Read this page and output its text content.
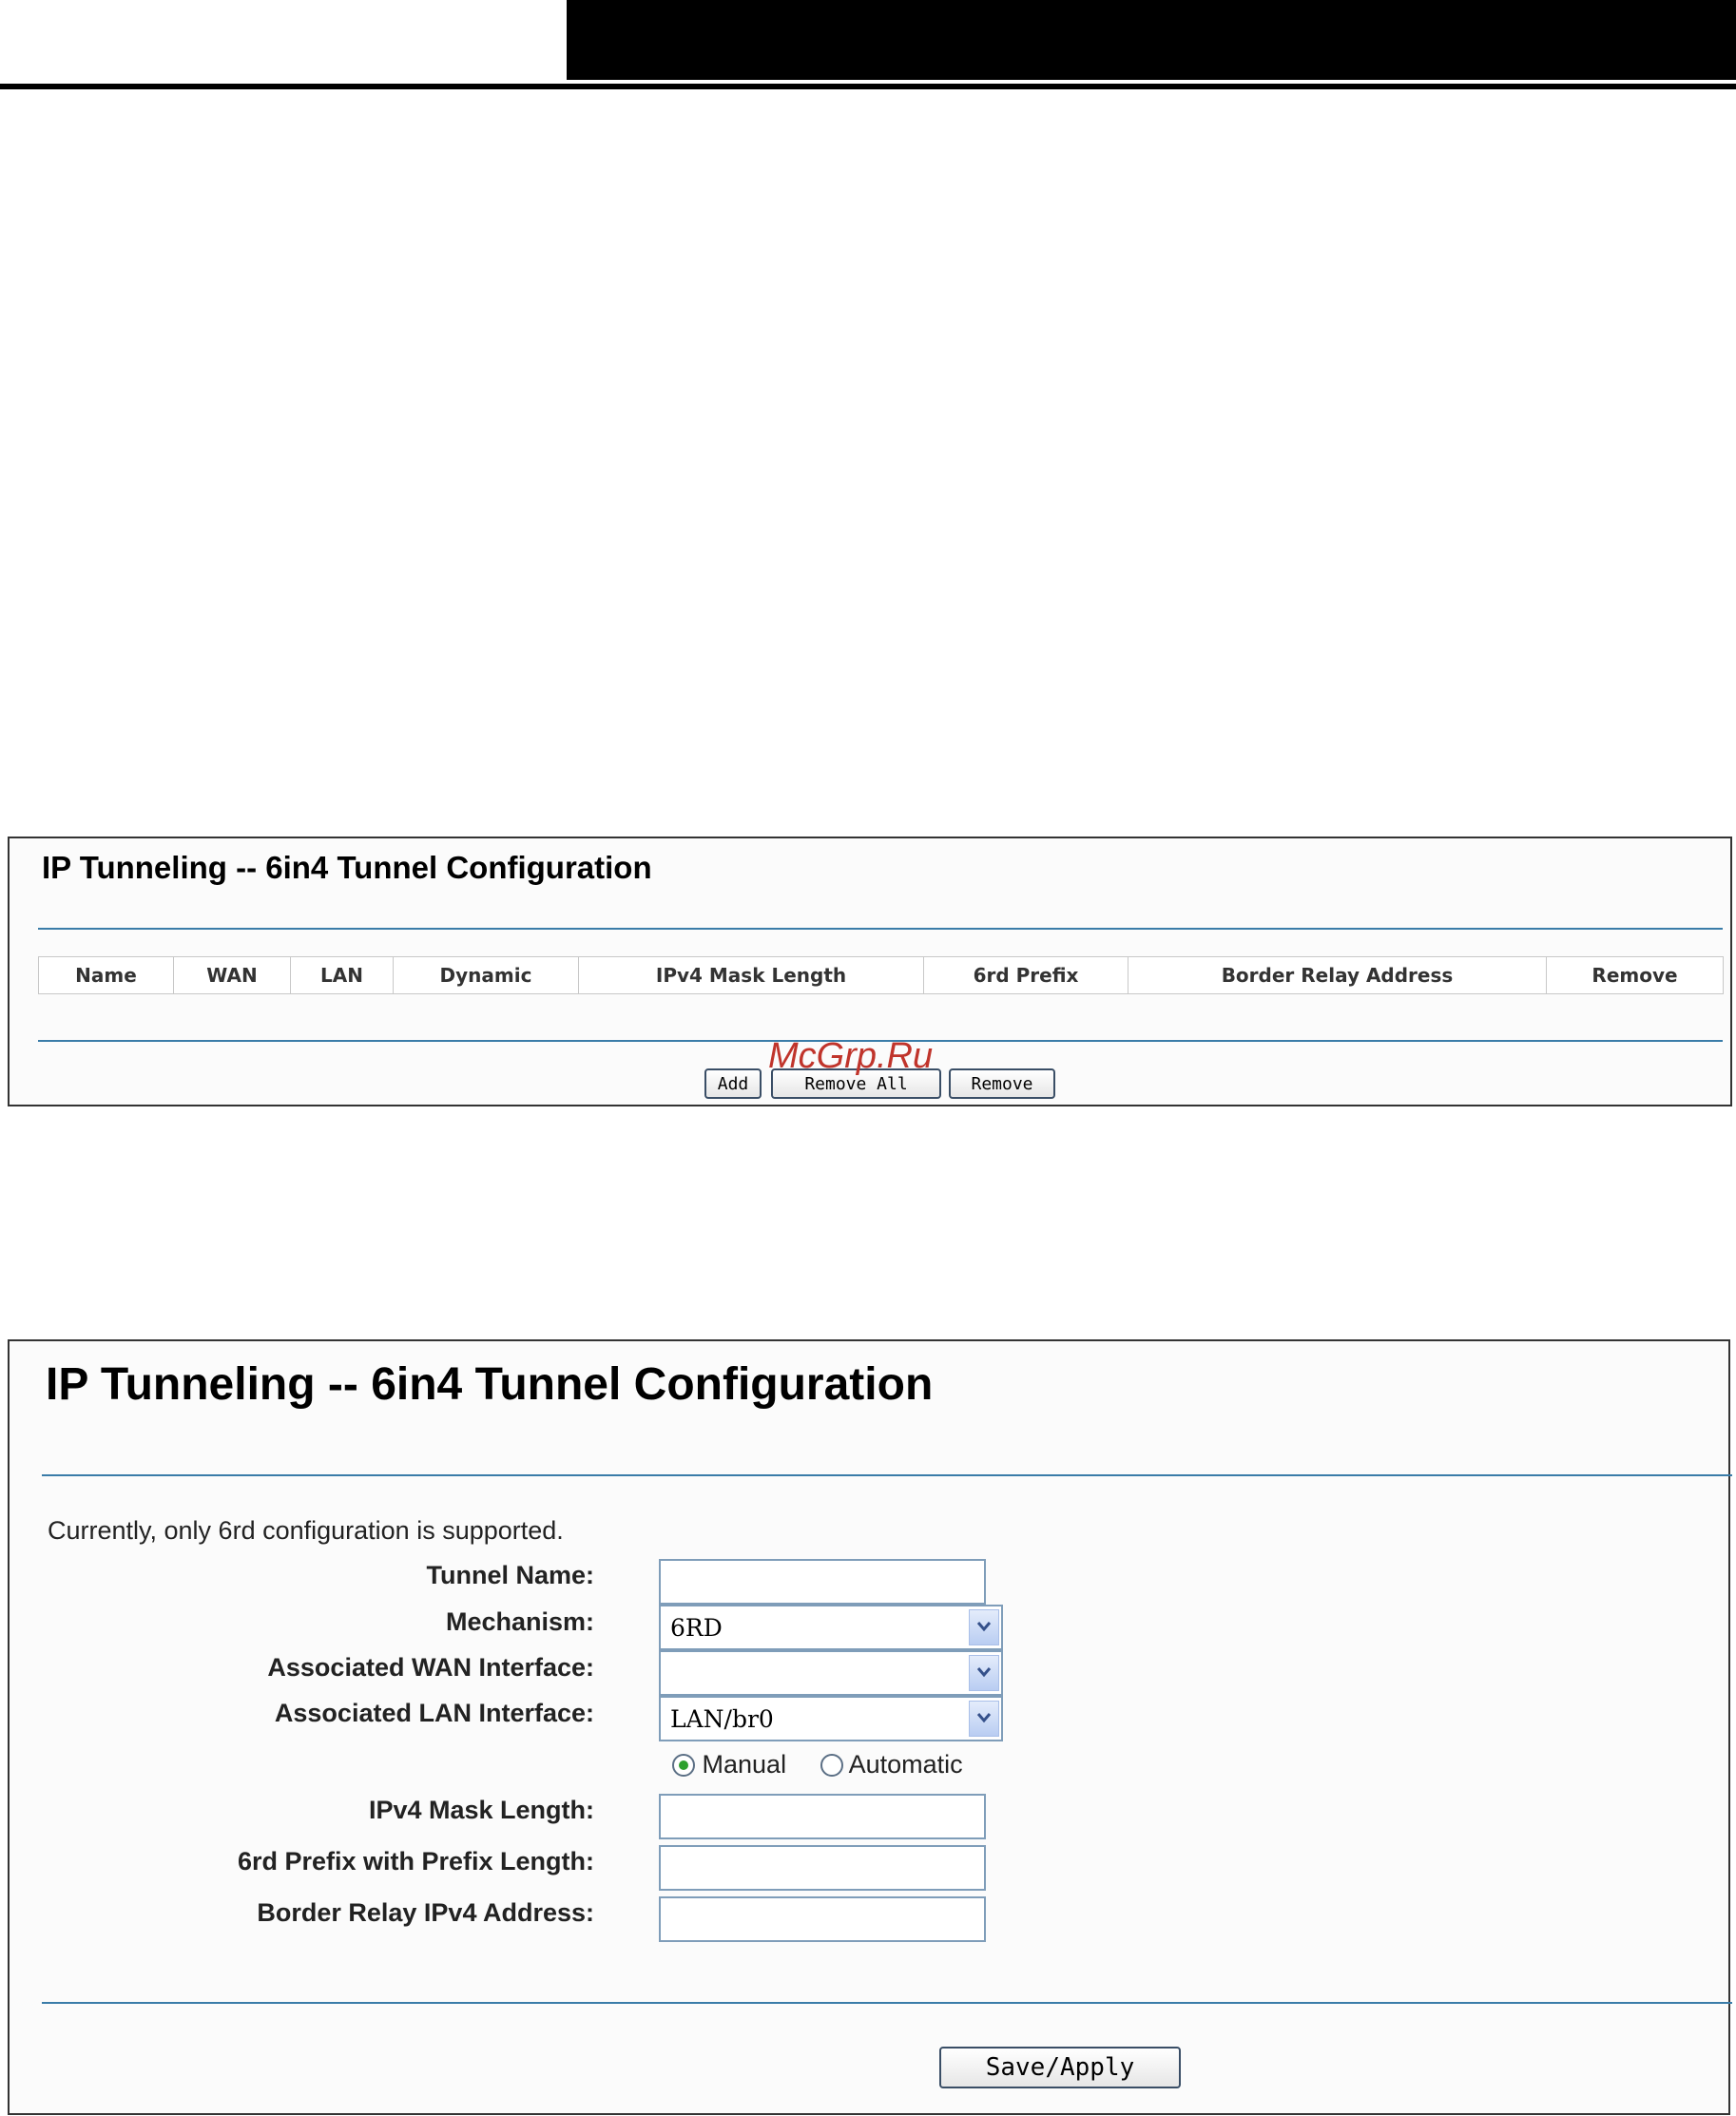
IP Tunneling -- 6in4 Tunnel Configuration
Name	WAN	LAN	Dynamic	IPv4 Mask Length	6rd Prefix	Border Relay Address	Remove
Add	Remove All	Remove
McGrp.Ru
IP Tunneling -- 6in4 Tunnel Configuration
Currently, only 6rd configuration is supported.
Tunnel Name:
Mechanism:	6RD
Associated WAN Interface:
Associated LAN Interface:	LAN/br0
Manual Automatic
IPv4 Mask Length:
6rd Prefix with Prefix Length:
Border Relay IPv4 Address:
Save/Apply
